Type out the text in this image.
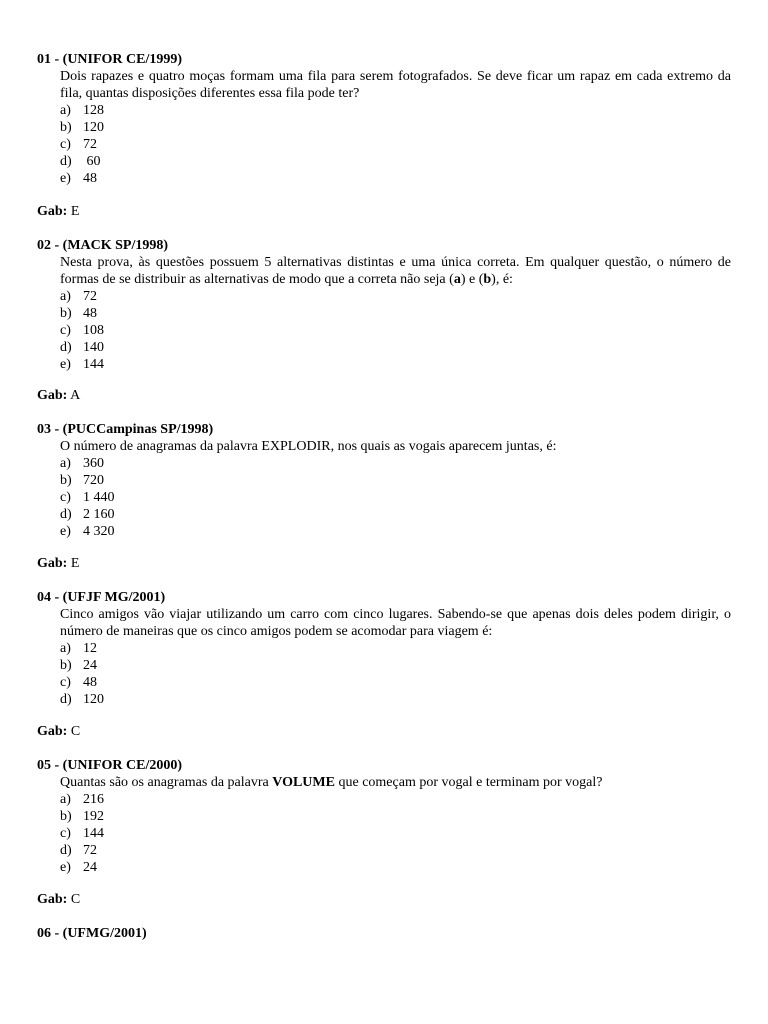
01 - (UNIFOR CE/1999)
Dois rapazes e quatro moças formam uma fila para serem fotografados. Se deve ficar um rapaz em cada extremo da fila, quantas disposições diferentes essa fila pode ter?
a) 128
b) 120
c) 72
d) 60
e) 48
Gab: E
02 - (MACK SP/1998)
Nesta prova, às questões possuem 5 alternativas distintas e uma única correta. Em qualquer questão, o número de formas de se distribuir as alternativas de modo que a correta não seja (a) e (b), é:
a) 72
b) 48
c) 108
d) 140
e) 144
Gab: A
03 - (PUCCampinas SP/1998)
O número de anagramas da palavra EXPLODIR, nos quais as vogais aparecem juntas, é:
a) 360
b) 720
c) 1 440
d) 2 160
e) 4 320
Gab: E
04 - (UFJF MG/2001)
Cinco amigos vão viajar utilizando um carro com cinco lugares. Sabendo-se que apenas dois deles podem dirigir, o número de maneiras que os cinco amigos podem se acomodar para viagem é:
a) 12
b) 24
c) 48
d) 120
Gab: C
05 - (UNIFOR CE/2000)
Quantas são os anagramas da palavra VOLUME que começam por vogal e terminam por vogal?
a) 216
b) 192
c) 144
d) 72
e) 24
Gab: C
06 - (UFMG/2001)
